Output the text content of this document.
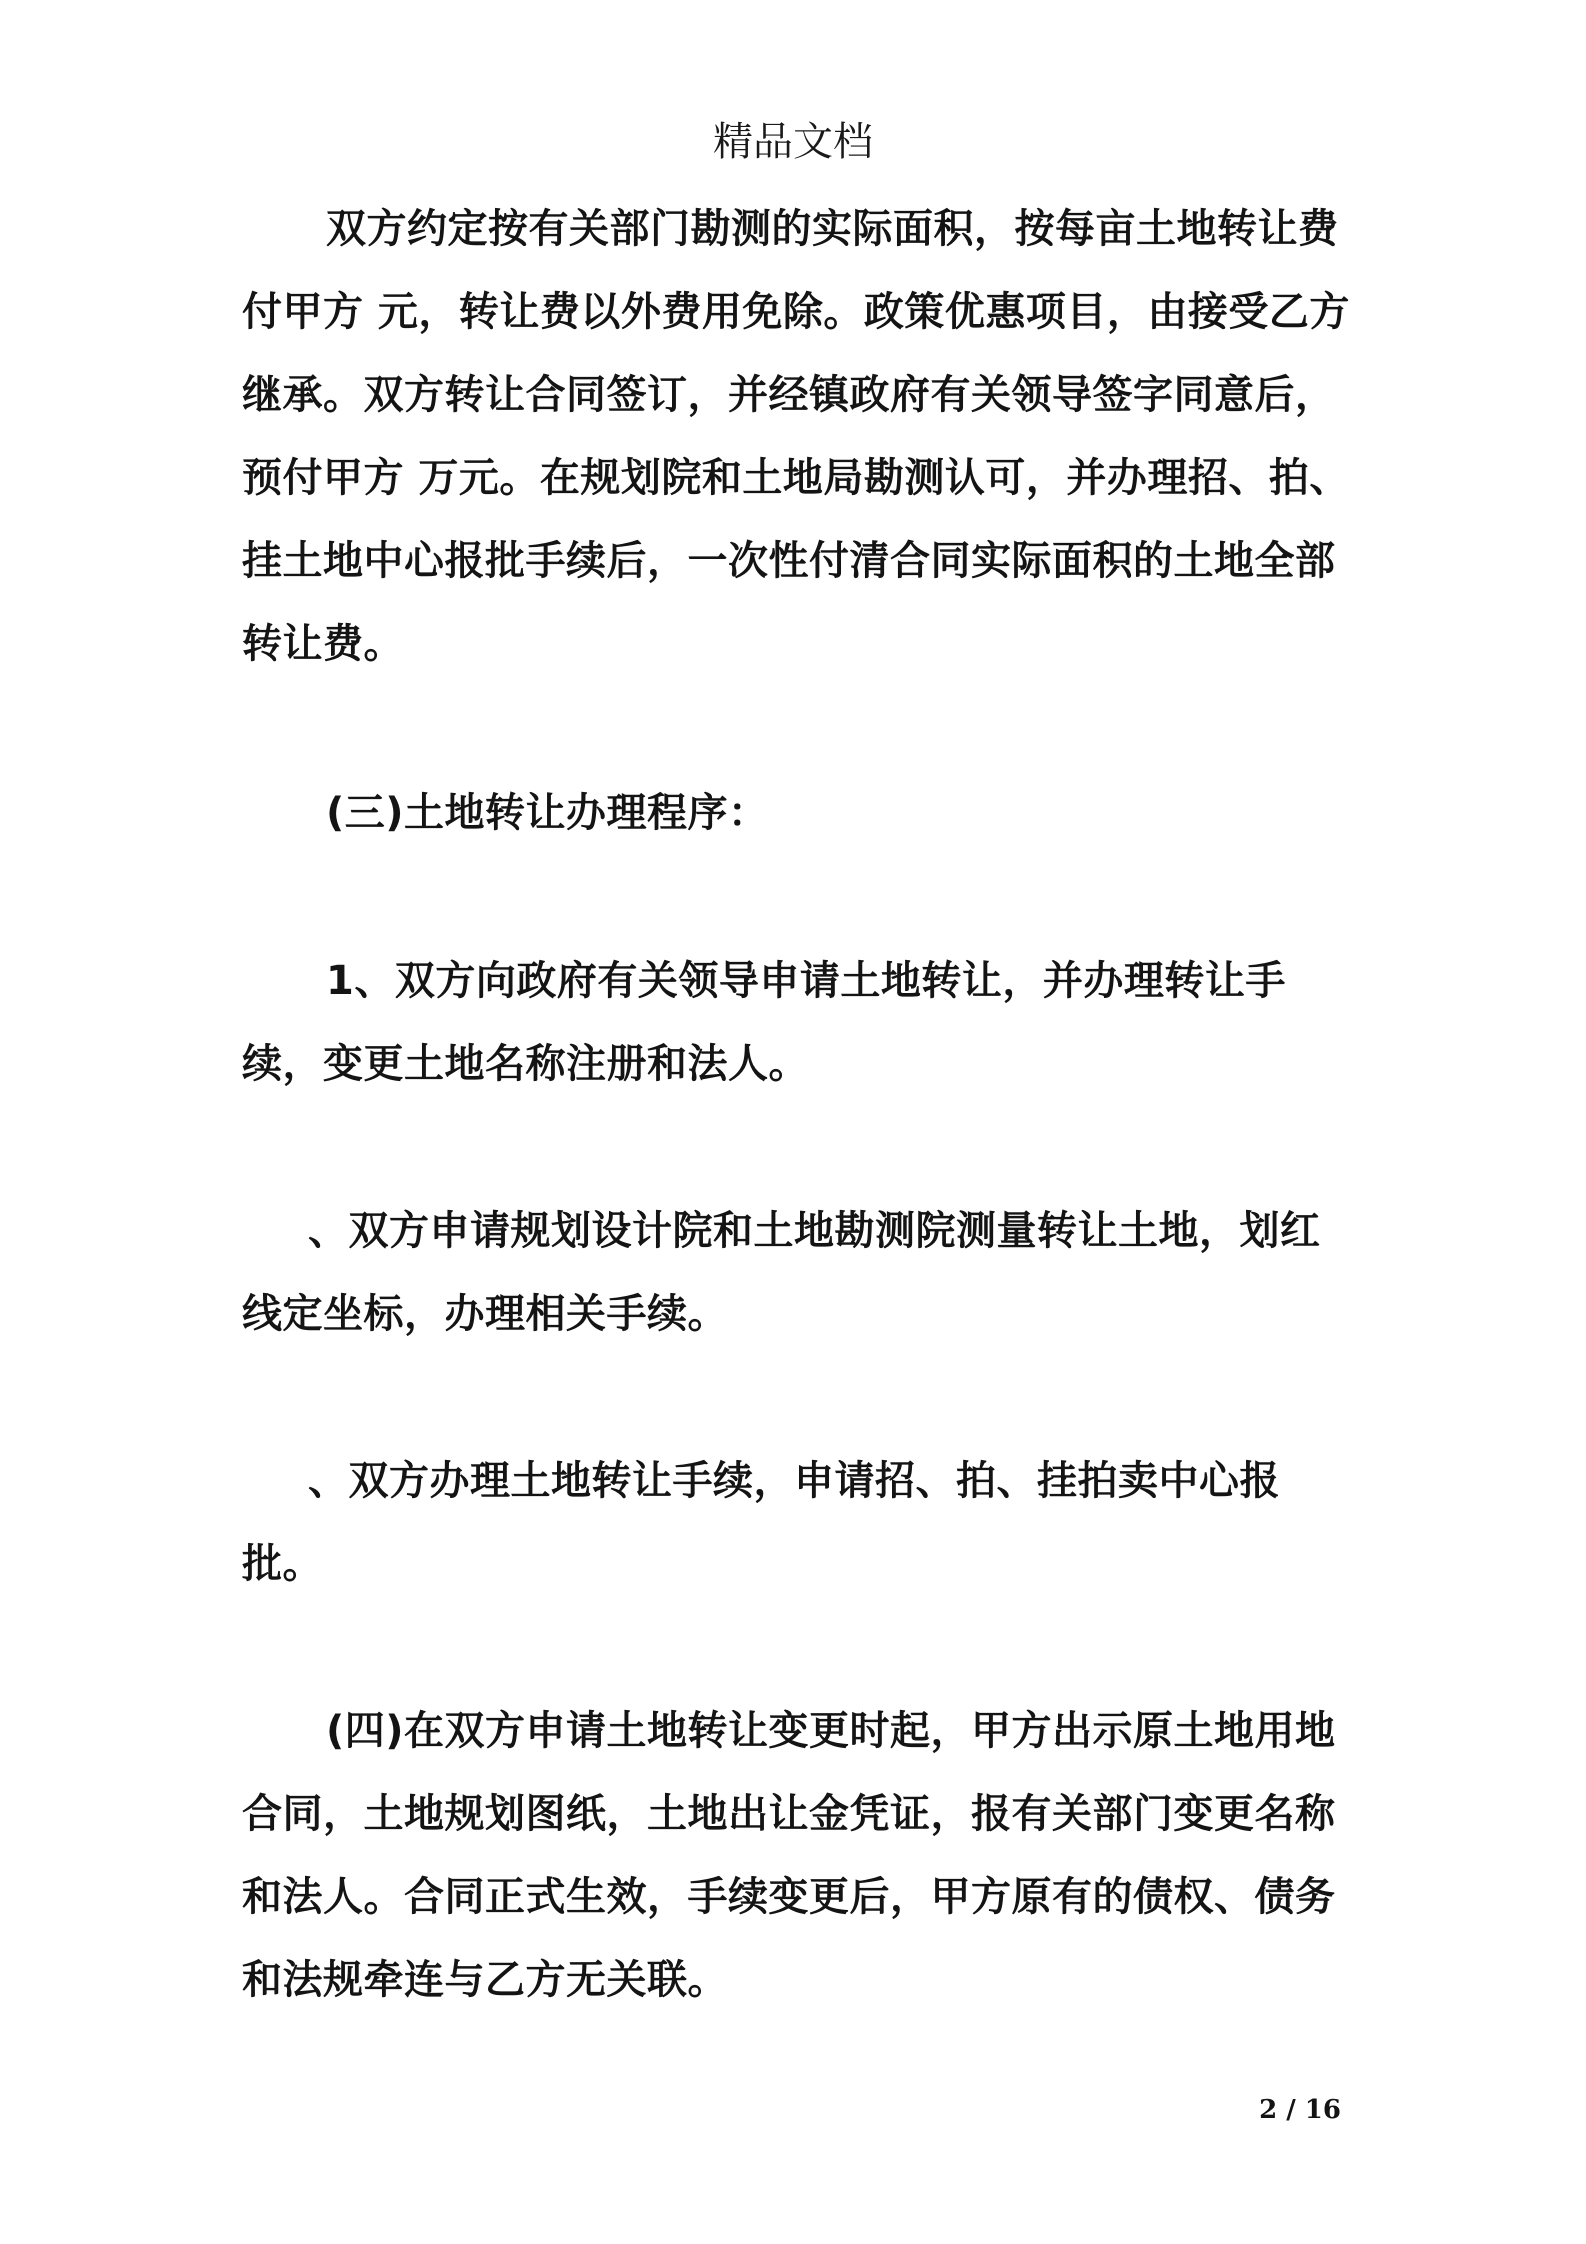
精品文档

双方约定按有关部门勘测的实际面积，按每亩土地转让费付甲方 元，转让费以外费用免除。政策优惠项目，由接受乙方继承。双方转让合同签订，并经镇政府有关领导签字同意后，预付甲方 万元。在规划院和土地局勘测认可，并办理招、拍、挂土地中心报批手续后，一次性付清合同实际面积的土地全部转让费。

(三)土地转让办理程序：

1、双方向政府有关领导申请土地转让，并办理转让手续，变更土地名称注册和法人。

、双方申请规划设计院和土地勘测院测量转让土地，划红线定坐标，办理相关手续。

、双方办理土地转让手续，申请招、拍、挂拍卖中心报批。

(四)在双方申请土地转让变更时起，甲方出示原土地用地合同，土地规划图纸，土地出让金凭证，报有关部门变更名称和法人。合同正式生效，手续变更后，甲方原有的债权、债务和法规牵连与乙方无关联。

2 / 16
